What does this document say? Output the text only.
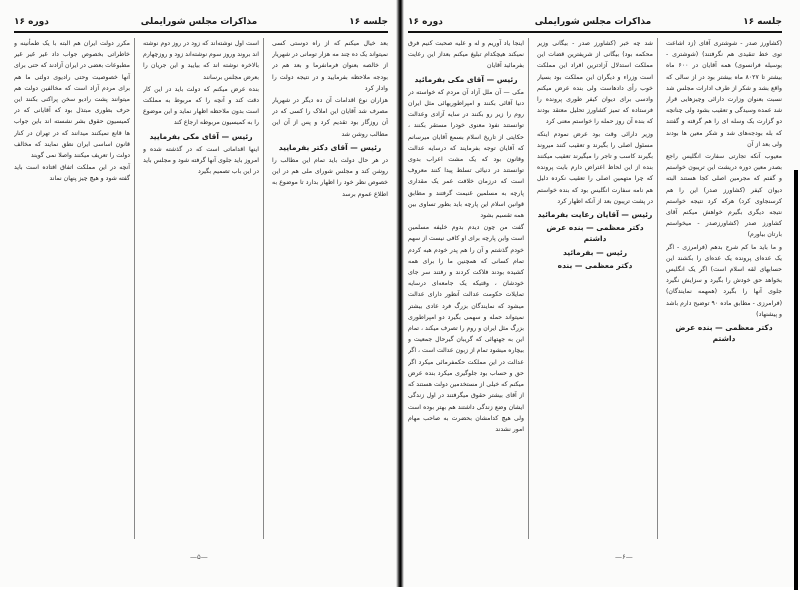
جلسه ۱۶
مذاکرات مجلس شورایملی
دوره ۱۶

بعد خیال میکنم که از راه دوستی کسی نمیتواند یک ده چند مه هزار تومانی در شهریار از خالصه بعنوان فرمانفرما و بعد هم در بودجه ملاحظه بفرمایید و در نتیجه دولت را وادار کرد

هزاران نوع اقدامات آن ده دیگر در شهریار مصرف شد آقایان این املاک را کسی که در آن روزگار بود تقدیم کرد و پس از آن این مطالب روشن شد

رئیس — آقای دکتر بفرمایید

در هر حال دولت باید تمام این مطالب را روشن کند و مجلس شورای ملی هم در این خصوص نظر خود را اظهار بدارد تا موضوع به اطلاع عموم برسد

است اول نوشته‌اند که زود در روز دوم نوشته اند بروند وروز سوم نوشته‌اند زود و روزچهارم بالاخره نوشته اند که بیایید و این جریان را بعرض مجلس برسانند

بنده عرض میکنم که دولت باید در این کار دقت کند و آنچه را که مربوط به مملکت است بدون ملاحظه اظهار نماید و این موضوع را به کمیسیون مربوطه ارجاع کند

رئیس — آقای مکی بفرمایید

اینها اقداماتی است که در گذشته شده و امروز باید جلوی آنها گرفته شود و مجلس باید در این باب تصمیم بگیرد

مکرر دولت ایران هم البته با یک طمأنینه و خاطراتی بخصوص جواب داد غیر غیر غیر مطبوعات بعضی در ایران آزادند که حتی برای آنها خصوصیت وحتی رادیوی دولتی ما هم برای مردم آزاد است که مخالفین دولت هم میتوانند پشت رادیو سخن پراکنی بکنند این حرف بطوری مبتذل بود که آقایانی که در کمیسیون حقوق بشر نشسته اند باین جواب ها قانع نمیکنند میدانند که در تهران در کنار قانون اساسی ایران نطق نمایند که مخالف دولت را تعریف میکنند واصلا نمی گویند

آنچه در این مملکت اتفاق افتاده است باید گفته شود و هیچ چیز پنهان نماند

—۵—
جلسه ۱۶
مذاکرات مجلس شورایملی
دوره ۱۶

(کشاورز صدر - شوشتری آقای (زد اشاعت توی خط تنقیدی هم نگرفتند) (شوشتری - بوسیله فرانسوی) همه آقایان در ۶۰۰ ماه بیشتر تا ۸۰۲۷ ماه بیشتر بود در از سالی که واقع بشد و شکر از طرف ادارات مجلس شد نسبت بعنوان وزارت دارائی وچیزهایی قرار شد عمده وسیدگی و تعقیب بشود ولی چنانچه دو گزارت یک وسله ای را هم گرفته و گفتند که بله بودجه‌های شد و شکر معین ها بودند ولی بعد از آن

معیوب آنکه تجارتی سفارت انگلیس راجع بصدر معین دوره دریشت این تریبون خواستم و گفتم که مجرمین اصلی کجا هستند البته دیوان کیفر (کشاورز صدر) این را هم کرسنجاوی کرد) هرکه کرد نتیجه خواستم نتیجه دیگری بگیرم خواهش میکنم آقای کشاورز صدر (کشاورزصدر - میخواستم بارتان بیاورم)

و ما باید ما کم شرح بدهم (فرامرزی - اگر یک عده‌ای پرونده یک عده‌ای را بکشند این حسابهای لقه اسلام است) اگر یک انگلیس بخواهد حق خودش را بگیرد و سزایش نگیرد جلوی آنها را بگیرد (همهمه نمایندگان) (فرامرزی - مطابق ماده ۹۰ توضیح دارم باشد و پیشنهاد)

دکتر معظمی — بنده عرض داشتم

شد چه خبر (کشاورز صدر - بیگانی وزیر محکمه بود) بیگانی از شریفترین قضات این مملکت استدلال آزادترین افراد این مملکت است وزراء و دیگران این مملکت بود بسیار خوب رأی دادهاست ولی بنده عرض میکنم وادسی برای دیوان کیفر طوری پرونده را فرستاده که تمیز کشاورز تحلیل معتقد بودند که بنده آن روز حمله را خواستم معنی کرد

وزیر دارائی وقت بود عرض نمودم اینکه مسئول اصلی را بگیرند و تعقیب کنند میروند بگیرند کاسب و تاجر را میگیرند تعقیب میکنند بنده از این لحاظ اعتراض دارم بایت پرونده که چرا متهمین اصلی را تعقیب نکرده دلیل هم نامه سفارت انگلیس بود که بنده خواستم در پشت تریبون بعد از آنکه اظهار کرد

رئیس — آقایان رعایت بفرمائید
دکتر معظمی — بنده عرض داشتم
رئیس — بفرمائید
دکتر معظمی — بنده

اینجا یاد آوریم و له و علیه صحبت کنیم فرق نمیکند هیچکدام تبلیغ میکنم بعداز این رعایت بفرمائید آقایان

رئیس — آقای مکی بفرمائید

مکی — آن ملل آزاد آن مردم که خواسته در دنیا آقائی بکنند و امپراطوریهائی مثل ایران روم را زیر رو بکنند در سایه آزادی وعدالت توانستند نفوذ معنوی خودرا مستقر بکنند ، حکایتی از تاریخ اسلام بسمع آقایان میرسانم که آقایان توجه بفرمایند که درسایه عدالت وقانون بود که یک مشت اعراب بدوی توانستند در دنیائی تسلط پیدا کنند معروف است که درزمان خلافت عمر یک مقداری پارچه به مسلمین غنیمت گرفتند و مطابق قوانین اسلام این پارچه باید بطور تساوی بین همه تقسیم بشود

گفت من چون دیدم بدوم خلیفه مسلمین است واین پارچه برای او کافی نیست از سهم خودم گذشتم و آن را هم پدر خودم هبه کردم تمام کسانی که همچنین ما را برای همه کشیده بودند فلاکت کردند و رفتند سر جای خودشان ، وقتیکه یک جامعه‌ای درسایه تمایلات حکومت عدالت آنطور دارای عدالت میشود که نمایندگان بزرگ فرد عادی بیشتر نمیتواند حمله و سهمی بگیرد دو امپراطوری بزرگ مثل ایران و روم را تصرف میکند ، تمام این به جهتهائی که گریبان گیرحال جمعیت و بیچاره میشود تمام از زبون عدالت است ، اگر عدالت در این مملکت حکمفرمائی میکرد اگر حق و حساب بود جلوگیری میکرد بنده عرض میکنم که خیلی از مستخدمین دولت هستند که از آقای بیشتر حقوق میگرفتند در اول زندگی ایشان وضع زندگی داشتند هم بهتر بوده است ولی هیچ کدامشان بحضرت به صاحب مهام امور نشدند

—۶—
